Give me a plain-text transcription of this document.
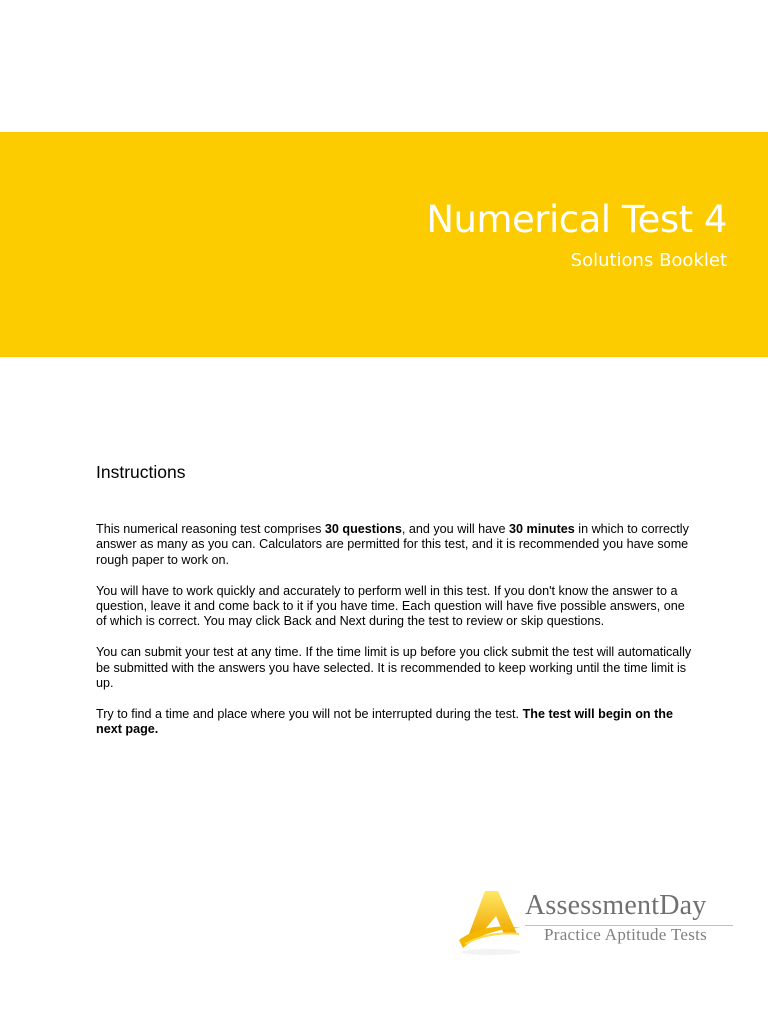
Numerical Test 4
Solutions Booklet
Instructions

This numerical reasoning test comprises 30 questions, and you will have 30 minutes in which to correctly answer as many as you can. Calculators are permitted for this test, and it is recommended you have some rough paper to work on.

You will have to work quickly and accurately to perform well in this test. If you don't know the answer to a question, leave it and come back to it if you have time. Each question will have five possible answers, one of which is correct. You may click Back and Next during the test to review or skip questions.

You can submit your test at any time. If the time limit is up before you click submit the test will automatically be submitted with the answers you have selected. It is recommended to keep working until the time limit is up.

Try to find a time and place where you will not be interrupted during the test. The test will begin on the next page.

AssessmentDay
Practice Aptitude Tests
